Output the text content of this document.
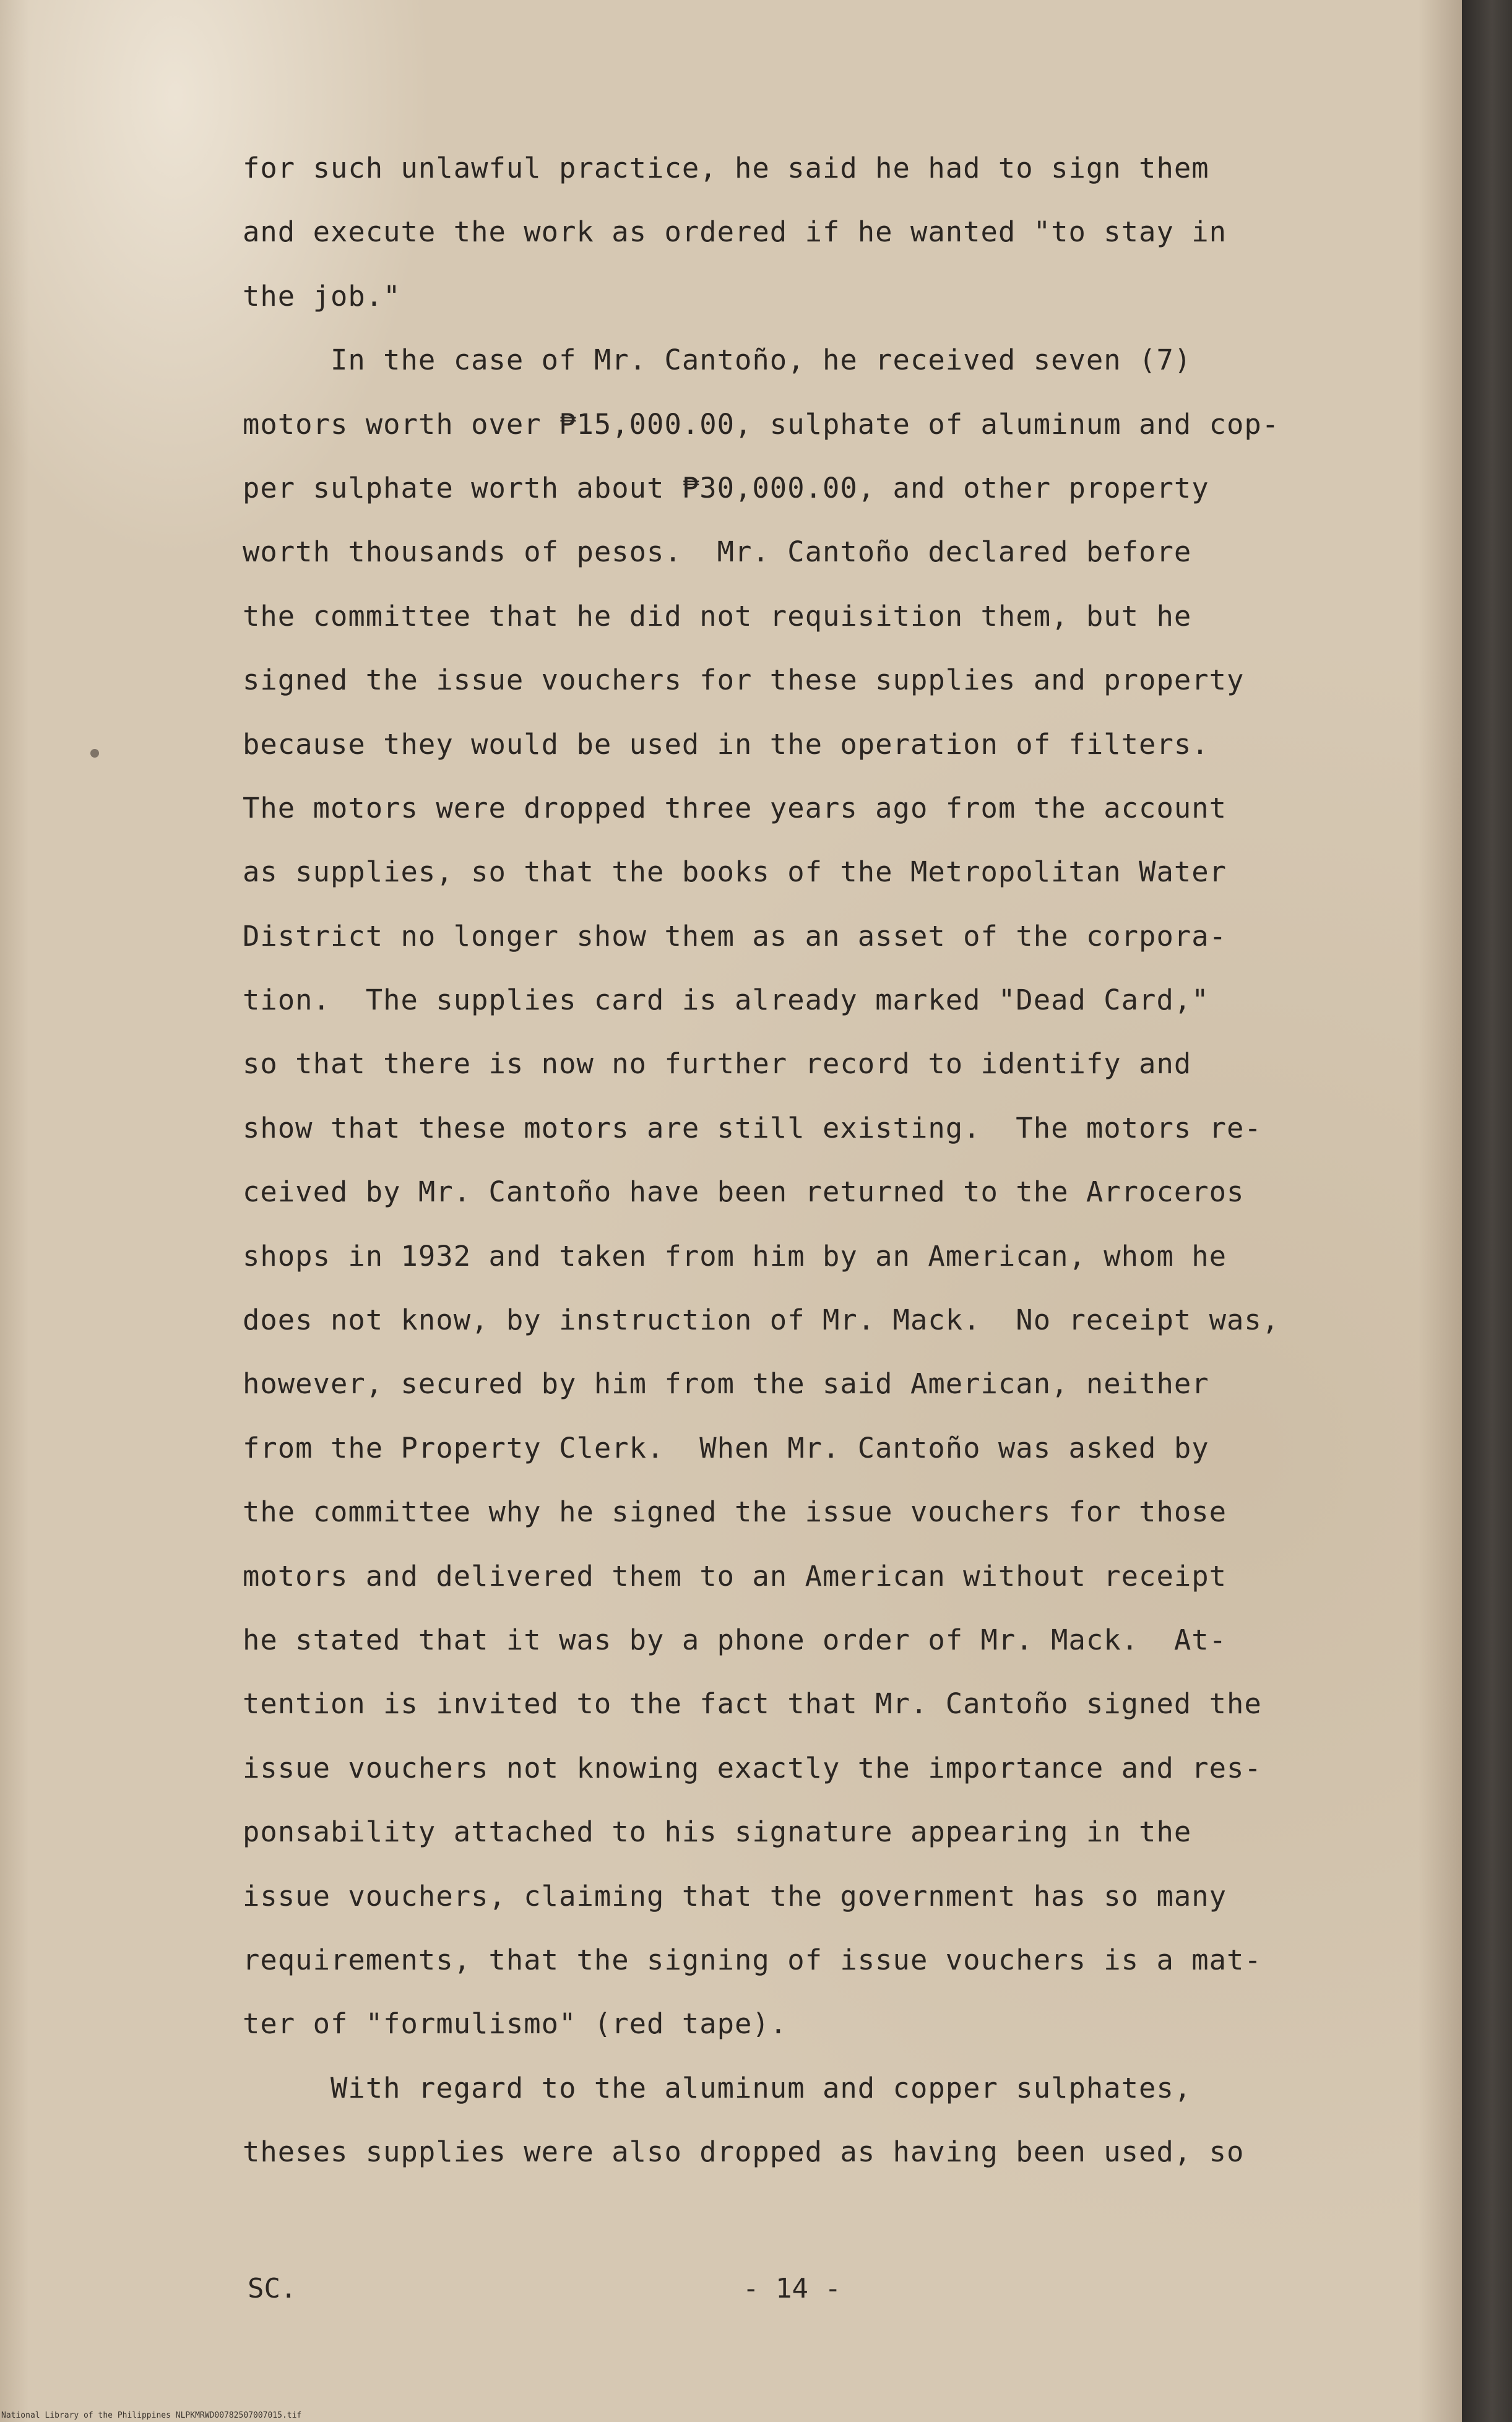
for such unlawful practice, he said he had to sign them
and execute the work as ordered if he wanted "to stay in
the job."
In the case of Mr. Cantoño, he received seven (7)
motors worth over ₱15,000.00, sulphate of aluminum and cop-
per sulphate worth about ₱30,000.00, and other property
worth thousands of pesos.  Mr. Cantoño declared before
the committee that he did not requisition them, but he
signed the issue vouchers for these supplies and property
because they would be used in the operation of filters.
The motors were dropped three years ago from the account
as supplies, so that the books of the Metropolitan Water
District no longer show them as an asset of the corpora-
tion.  The supplies card is already marked "Dead Card,"
so that there is now no further record to identify and
show that these motors are still existing.  The motors re-
ceived by Mr. Cantoño have been returned to the Arroceros
shops in 1932 and taken from him by an American, whom he
does not know, by instruction of Mr. Mack.  No receipt was,
however, secured by him from the said American, neither
from the Property Clerk.  When Mr. Cantoño was asked by
the committee why he signed the issue vouchers for those
motors and delivered them to an American without receipt
he stated that it was by a phone order of Mr. Mack.  At-
tention is invited to the fact that Mr. Cantoño signed the
issue vouchers not knowing exactly the importance and res-
ponsability attached to his signature appearing in the
issue vouchers, claiming that the government has so many
requirements, that the signing of issue vouchers is a mat-
ter of "formulismo" (red tape).
With regard to the aluminum and copper sulphates,
theses supplies were also dropped as having been used, so
SC.	- 14 -
National Library of the Philippines NLPKMRWD00782507007015.tif
